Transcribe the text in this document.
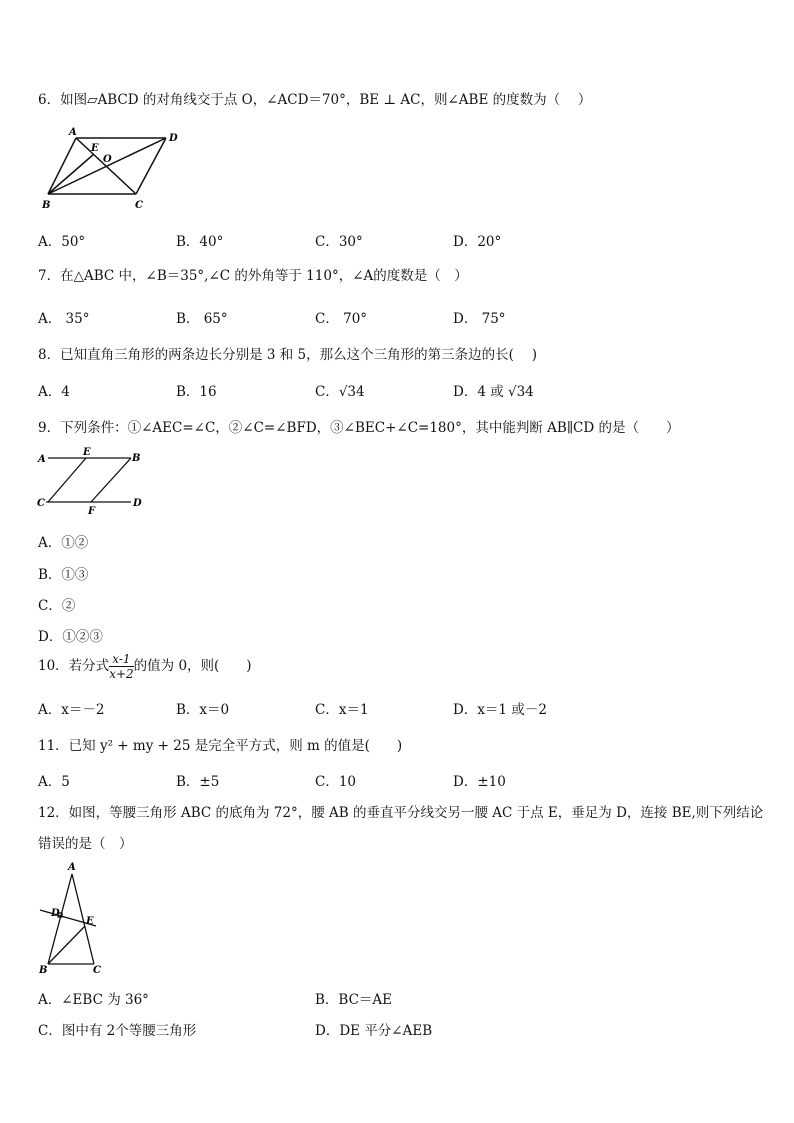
6．如图▱ABCD 的对角线交于点 O，∠ACD＝70°，BE ⊥ AC，则∠ABE 的度数为（　 ）
A
D
E
O
B	C
A．50°	B．40°	C．30°	D．20°
7．在△ABC 中，∠B＝35°,∠C 的外角等于 110°，∠A的度数是（　）
A． 35°	B． 65°	C． 70°	D． 75°
8．已知直角三角形的两条边长分别是 3 和 5，那么这个三角形的第三条边的长(　 )
A．4	B．16	C．√34	D．4 或 √34
9．下列条件：①∠AEC=∠C，②∠C=∠BFD，③∠BEC+∠C=180°，其中能判断 AB∥CD 的是（　　）
A
E
B
C
F
D
A．①②
B．①③
C．②
D．①②③
10．若分式 $\frac{x-1}{x+2}$ 的值为 0，则(　　)
A．x＝－2	B．x＝0	C．x＝1	D．x＝1 或－2
11．已知 y² + my + 25 是完全平方式，则 m 的值是(　　)
A．5	B．±5	C．10	D．±10
12．如图，等腰三角形 ABC 的底角为 72°，腰 AB 的垂直平分线交另一腰 AC 于点 E，垂足为 D，连接 BE,则下列结论
错误的是（　）
A
D
E
B	C
A．∠EBC 为 36°	B．BC＝AE
C．图中有 2个等腰三角形	D．DE 平分∠AEB
